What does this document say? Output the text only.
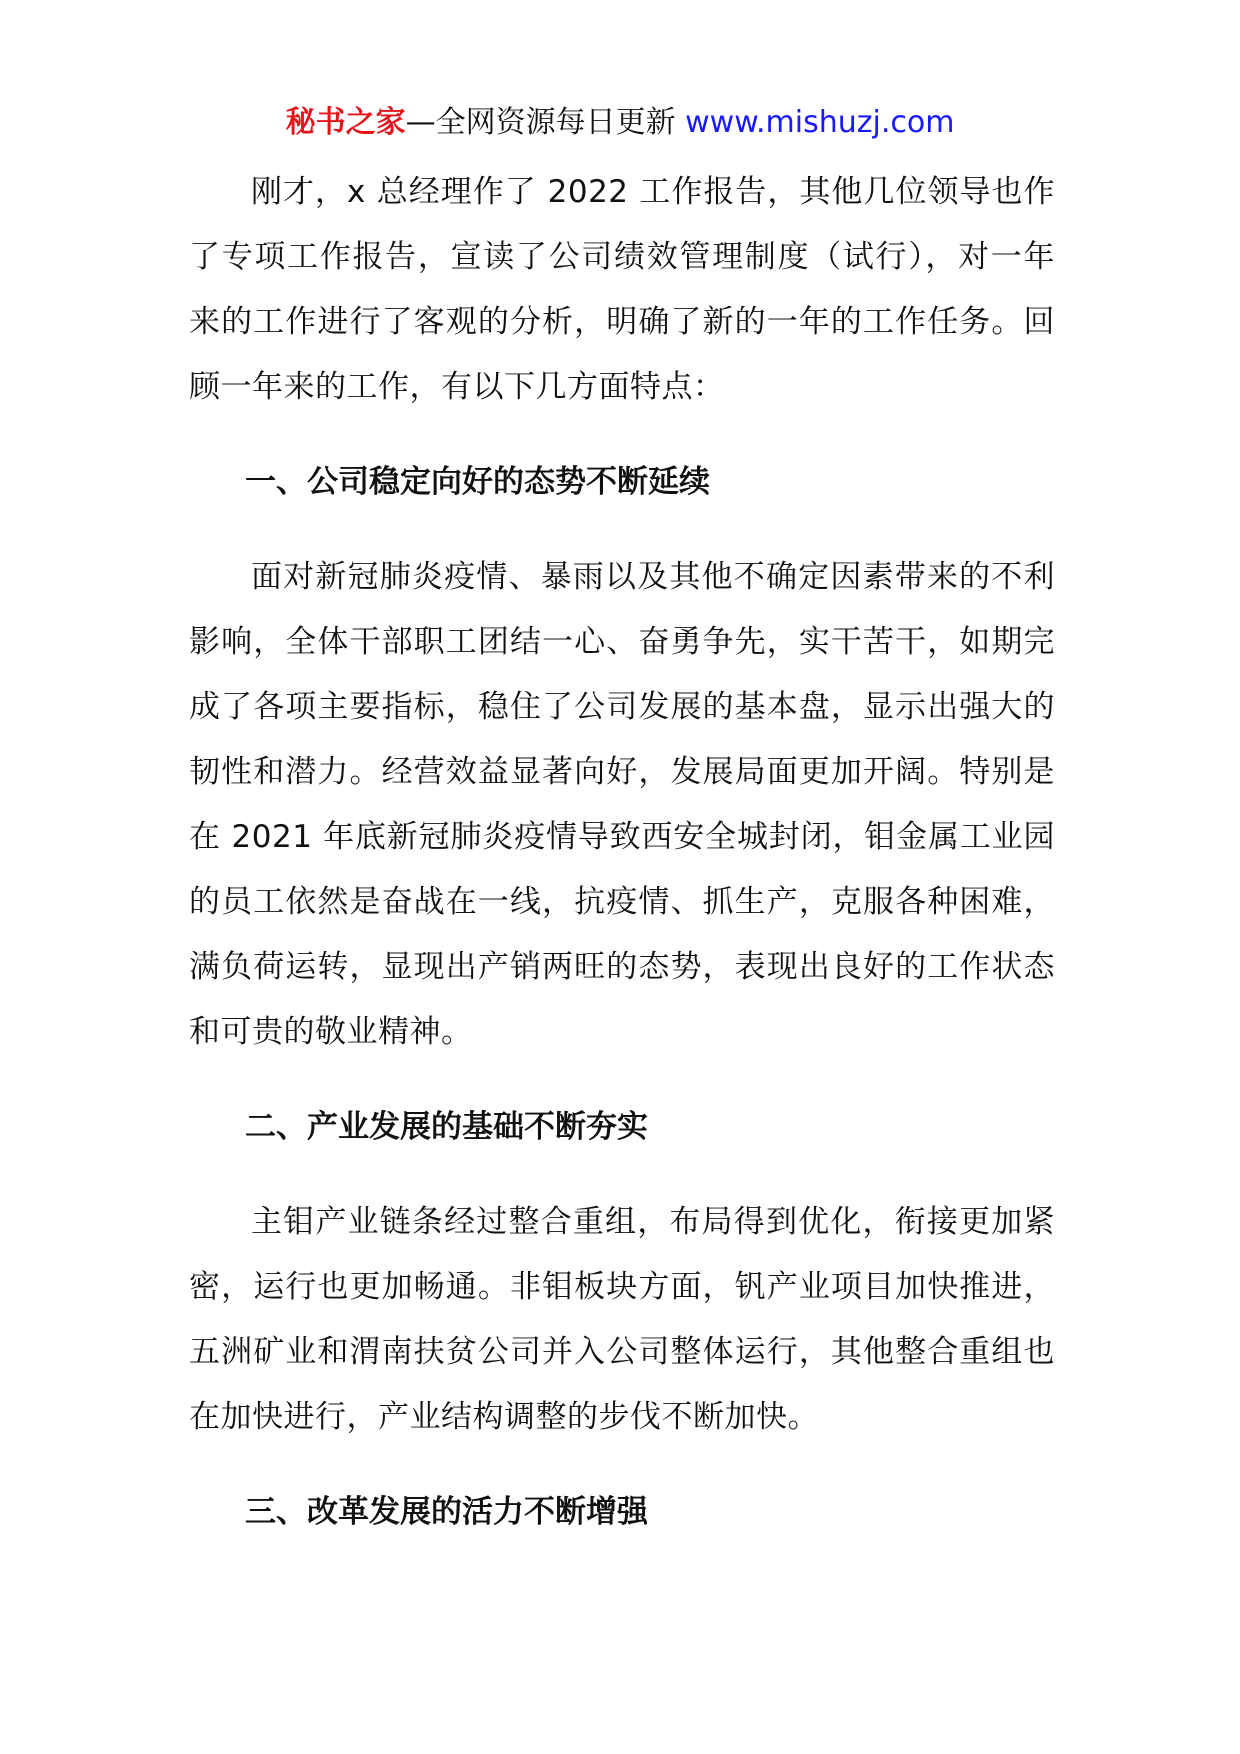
秘书之家—全网资源每日更新 www.mishuzj.com

刚才，x 总经理作了 2022 工作报告，其他几位领导也作了专项工作报告，宣读了公司绩效管理制度（试行），对一年来的工作进行了客观的分析，明确了新的一年的工作任务。回顾一年来的工作，有以下几方面特点：

一、公司稳定向好的态势不断延续

面对新冠肺炎疫情、暴雨以及其他不确定因素带来的不利影响，全体干部职工团结一心、奋勇争先，实干苦干，如期完成了各项主要指标，稳住了公司发展的基本盘，显示出强大的韧性和潜力。经营效益显著向好，发展局面更加开阔。特别是在 2021 年底新冠肺炎疫情导致西安全城封闭，钼金属工业园的员工依然是奋战在一线，抗疫情、抓生产，克服各种困难，满负荷运转，显现出产销两旺的态势，表现出良好的工作状态和可贵的敬业精神。

二、产业发展的基础不断夯实

主钼产业链条经过整合重组，布局得到优化，衔接更加紧密，运行也更加畅通。非钼板块方面，钒产业项目加快推进，五洲矿业和渭南扶贫公司并入公司整体运行，其他整合重组也在加快进行，产业结构调整的步伐不断加快。

三、改革发展的活力不断增强
